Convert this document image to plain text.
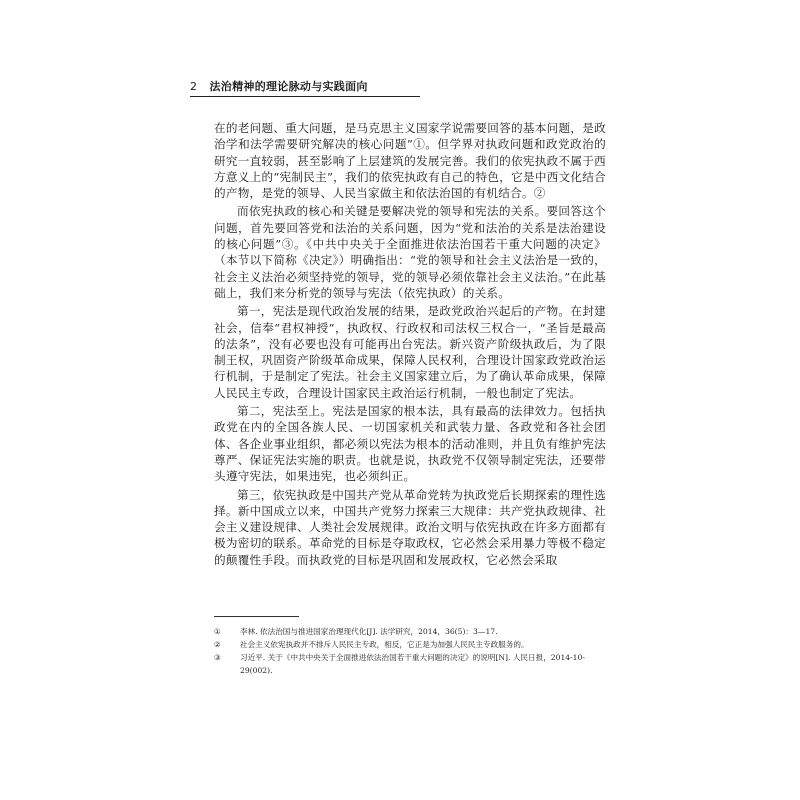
2 法治精神的理论脉动与实践面向

在的老问题、重大问题，是马克思主义国家学说需要回答的基本问题，是政治学和法学需要研究解决的核心问题”①。但学界对执政问题和政党政治的研究一直较弱，甚至影响了上层建筑的发展完善。我们的依宪执政不属于西方意义上的“宪制民主”，我们的依宪执政有自己的特色，它是中西文化结合的产物，是党的领导、人民当家做主和依法治国的有机结合。②

而依宪执政的核心和关键是要解决党的领导和宪法的关系。要回答这个问题，首先要回答党和法治的关系问题，因为“党和法治的关系是法治建设的核心问题”③。《中共中央关于全面推进依法治国若干重大问题的决定》（本节以下简称《决定》）明确指出：“党的领导和社会主义法治是一致的，社会主义法治必须坚持党的领导，党的领导必须依靠社会主义法治。”在此基础上，我们来分析党的领导与宪法（依宪执政）的关系。

第一，宪法是现代政治发展的结果，是政党政治兴起后的产物。在封建社会，信奉“君权神授”，执政权、行政权和司法权三权合一，“圣旨是最高的法条”，没有必要也没有可能再出台宪法。新兴资产阶级执政后，为了限制王权，巩固资产阶级革命成果，保障人民权利，合理设计国家政党政治运行机制，于是制定了宪法。社会主义国家建立后，为了确认革命成果，保障人民民主专政，合理设计国家民主政治运行机制，一般也制定了宪法。

第二，宪法至上。宪法是国家的根本法，具有最高的法律效力。包括执政党在内的全国各族人民、一切国家机关和武装力量、各政党和各社会团体、各企业事业组织，都必须以宪法为根本的活动准则，并且负有维护宪法尊严、保证宪法实施的职责。也就是说，执政党不仅领导制定宪法，还要带头遵守宪法，如果违宪，也必须纠正。

第三，依宪执政是中国共产党从革命党转为执政党后长期探索的理性选择。新中国成立以来，中国共产党努力探索三大规律：共产党执政规律、社会主义建设规律、人类社会发展规律。政治文明与依宪执政在许多方面都有极为密切的联系。革命党的目标是夺取政权，它必然会采用暴力等极不稳定的颠覆性手段。而执政党的目标是巩固和发展政权，它必然会采取

①	李林. 依法治国与推进国家治理现代化[J]. 法学研究，2014，36(5)：3—17.

②	社会主义依宪执政并不排斥人民民主专政，相反，它正是为加强人民民主专政服务的。

③	习近平. 关于《中共中央关于全面推进依法治国若干重大问题的决定》的说明[N]. 人民日报，2014-10-29(002).
